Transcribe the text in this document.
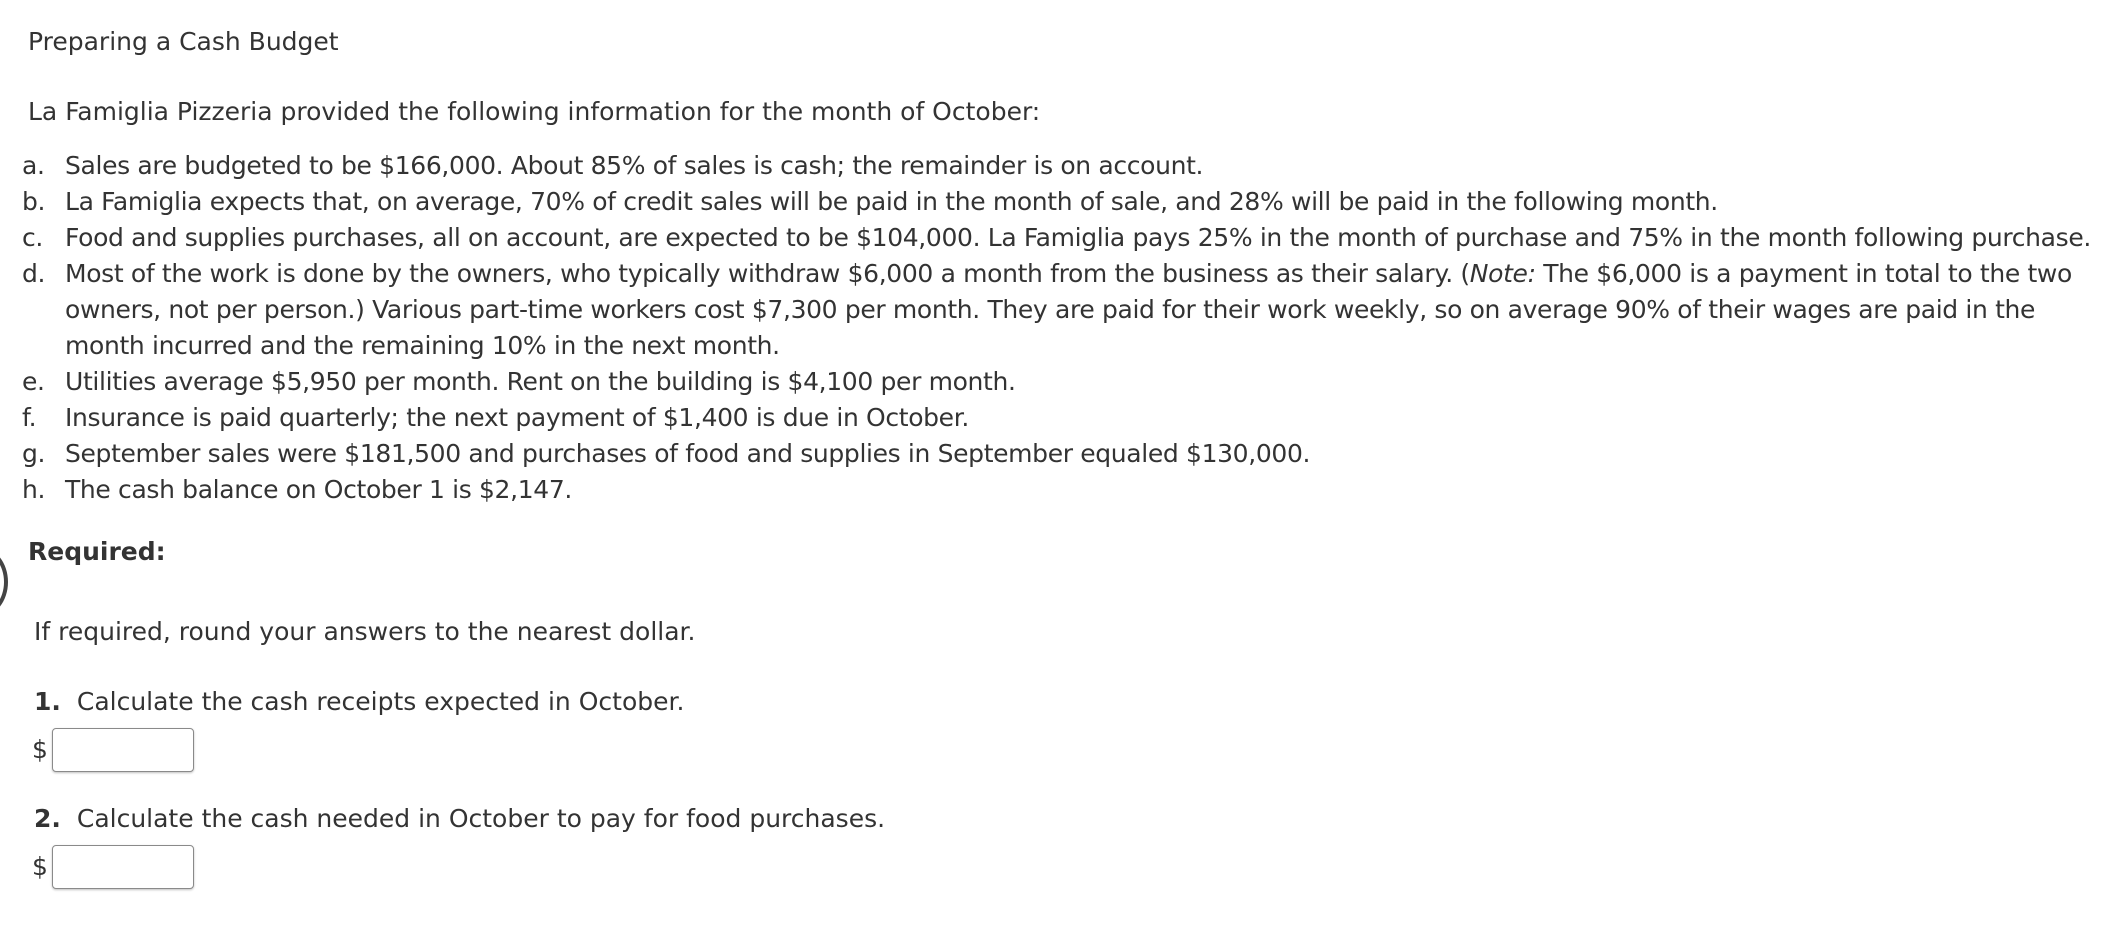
Preparing a Cash Budget
La Famiglia Pizzeria provided the following information for the month of October:
a. Sales are budgeted to be $166,000. About 85% of sales is cash; the remainder is on account.
b. La Famiglia expects that, on average, 70% of credit sales will be paid in the month of sale, and 28% will be paid in the following month.
c. Food and supplies purchases, all on account, are expected to be $104,000. La Famiglia pays 25% in the month of purchase and 75% in the month following purchase.
d. Most of the work is done by the owners, who typically withdraw $6,000 a month from the business as their salary. (Note: The $6,000 is a payment in total to the two owners, not per person.) Various part-time workers cost $7,300 per month. They are paid for their work weekly, so on average 90% of their wages are paid in the month incurred and the remaining 10% in the next month.
e. Utilities average $5,950 per month. Rent on the building is $4,100 per month.
f.	Insurance is paid quarterly; the next payment of $1,400 is due in October.
g. September sales were $181,500 and purchases of food and supplies in September equaled $130,000.
h. The cash balance on October 1 is $2,147.
Required:
If required, round your answers to the nearest dollar.
1. Calculate the cash receipts expected in October.
$
2. Calculate the cash needed in October to pay for food purchases.
$
